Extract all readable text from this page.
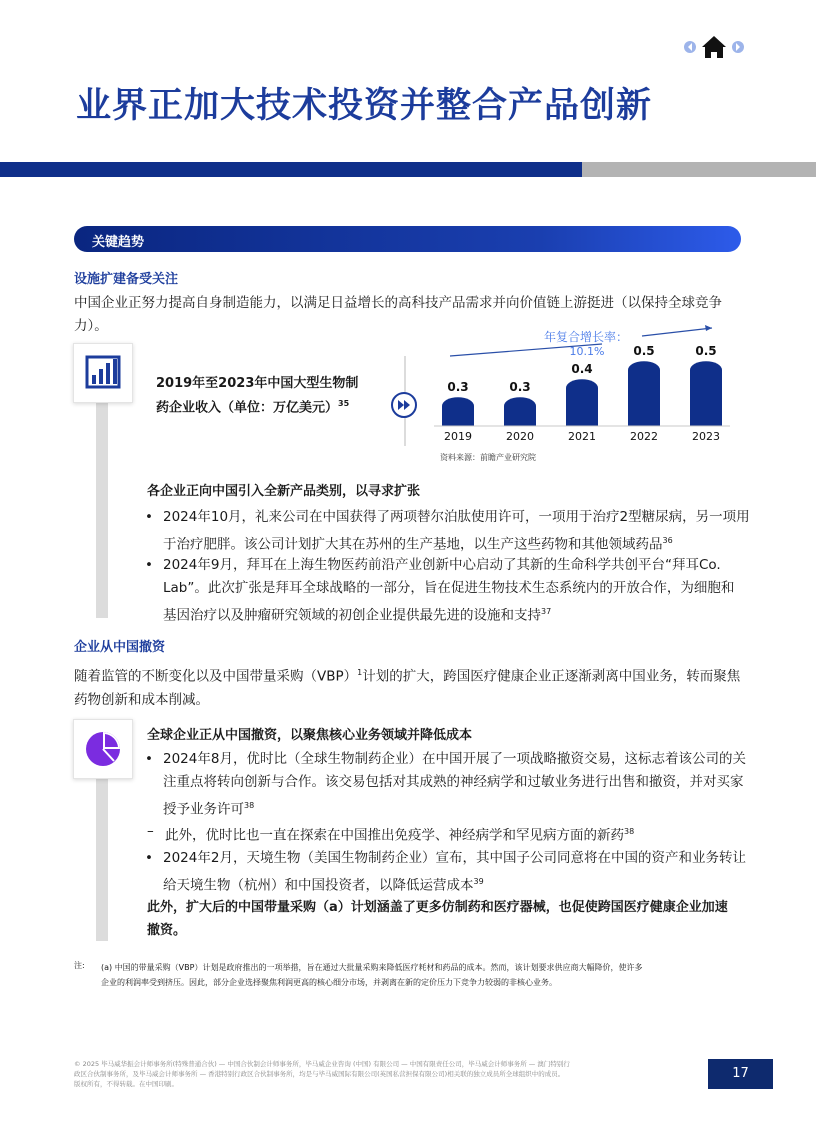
业界正加大技术投资并整合产品创新
关键趋势
设施扩建备受关注
中国企业正努力提高自身制造能力，以满足日益增长的高科技产品需求并向价值链上游挺进（以保持全球竞争
力）。
2019年至2023年中国大型生物制
药企业收入（单位：万亿美元）$^{35}$
0.3
2019
0.3
2020
0.4
2021
0.5
2022
0.5
2023
年复合增长率：
10.1%
资料来源：前瞻产业研究院
各企业正向中国引入全新产品类别，以寻求扩张
• 2024年10月，礼来公司在中国获得了两项替尔泊肽使用许可，一项用于治疗2型糖尿病，另一项用
于治疗肥胖。该公司计划扩大其在苏州的生产基地，以生产这些药物和其他领域药品$^{36}$
• 2024年9月，拜耳在上海生物医药前沿产业创新中心启动了其新的生命科学共创平台“拜耳Co.
Lab”。此次扩张是拜耳全球战略的一部分，旨在促进生物技术生态系统内的开放合作，为细胞和
基因治疗以及肿瘤研究领域的初创企业提供最先进的设施和支持$^{37}$
企业从中国撤资
随着监管的不断变化以及中国带量采购（VBP）$^1$计划的扩大，跨国医疗健康企业正逐渐剥离中国业务，转而聚焦
药物创新和成本削减。
全球企业正从中国撤资，以聚焦核心业务领域并降低成本
• 2024年8月，优时比（全球生物制药企业）在中国开展了一项战略撤资交易，这标志着该公司的关
注重点将转向创新与合作。该交易包括对其成熟的神经病学和过敏业务进行出售和撤资，并对买家
授予业务许可$^{38}$
– 此外，优时比也一直在探索在中国推出免疫学、神经病学和罕见病方面的新药$^{38}$
• 2024年2月，天境生物（美国生物制药企业）宣布，其中国子公司同意将在中国的资产和业务转让
给天境生物（杭州）和中国投资者，以降低运营成本$^{39}$
此外，扩大后的中国带量采购（a）计划涵盖了更多仿制药和医疗器械，也促使跨国医疗健康企业加速
撤资。
注: (a) 中国的带量采购（VBP）计划是政府推出的一项举措，旨在通过大批量采购来降低医疗耗材和药品的成本。然而，该计划要求供应商大幅降价，使许多
企业的利润率受到挤压。因此，部分企业选择聚焦利润更高的核心细分市场，并剥离在新的定价压力下竞争力较弱的非核心业务。
© 2025 毕马威华振会计师事务所(特殊普通合伙) — 中国合伙制会计师事务所，毕马威企业咨询 (中国) 有限公司 — 中国有限责任公司，毕马威会计师事务所 — 澳门特别行
政区合伙制事务所，及毕马威会计师事务所 — 香港特别行政区合伙制事务所，均是与毕马威国际有限公司(英国私营担保有限公司)相关联的独立成员所全球组织中的成员。
版权所有，不得转载。在中国印刷。
17
